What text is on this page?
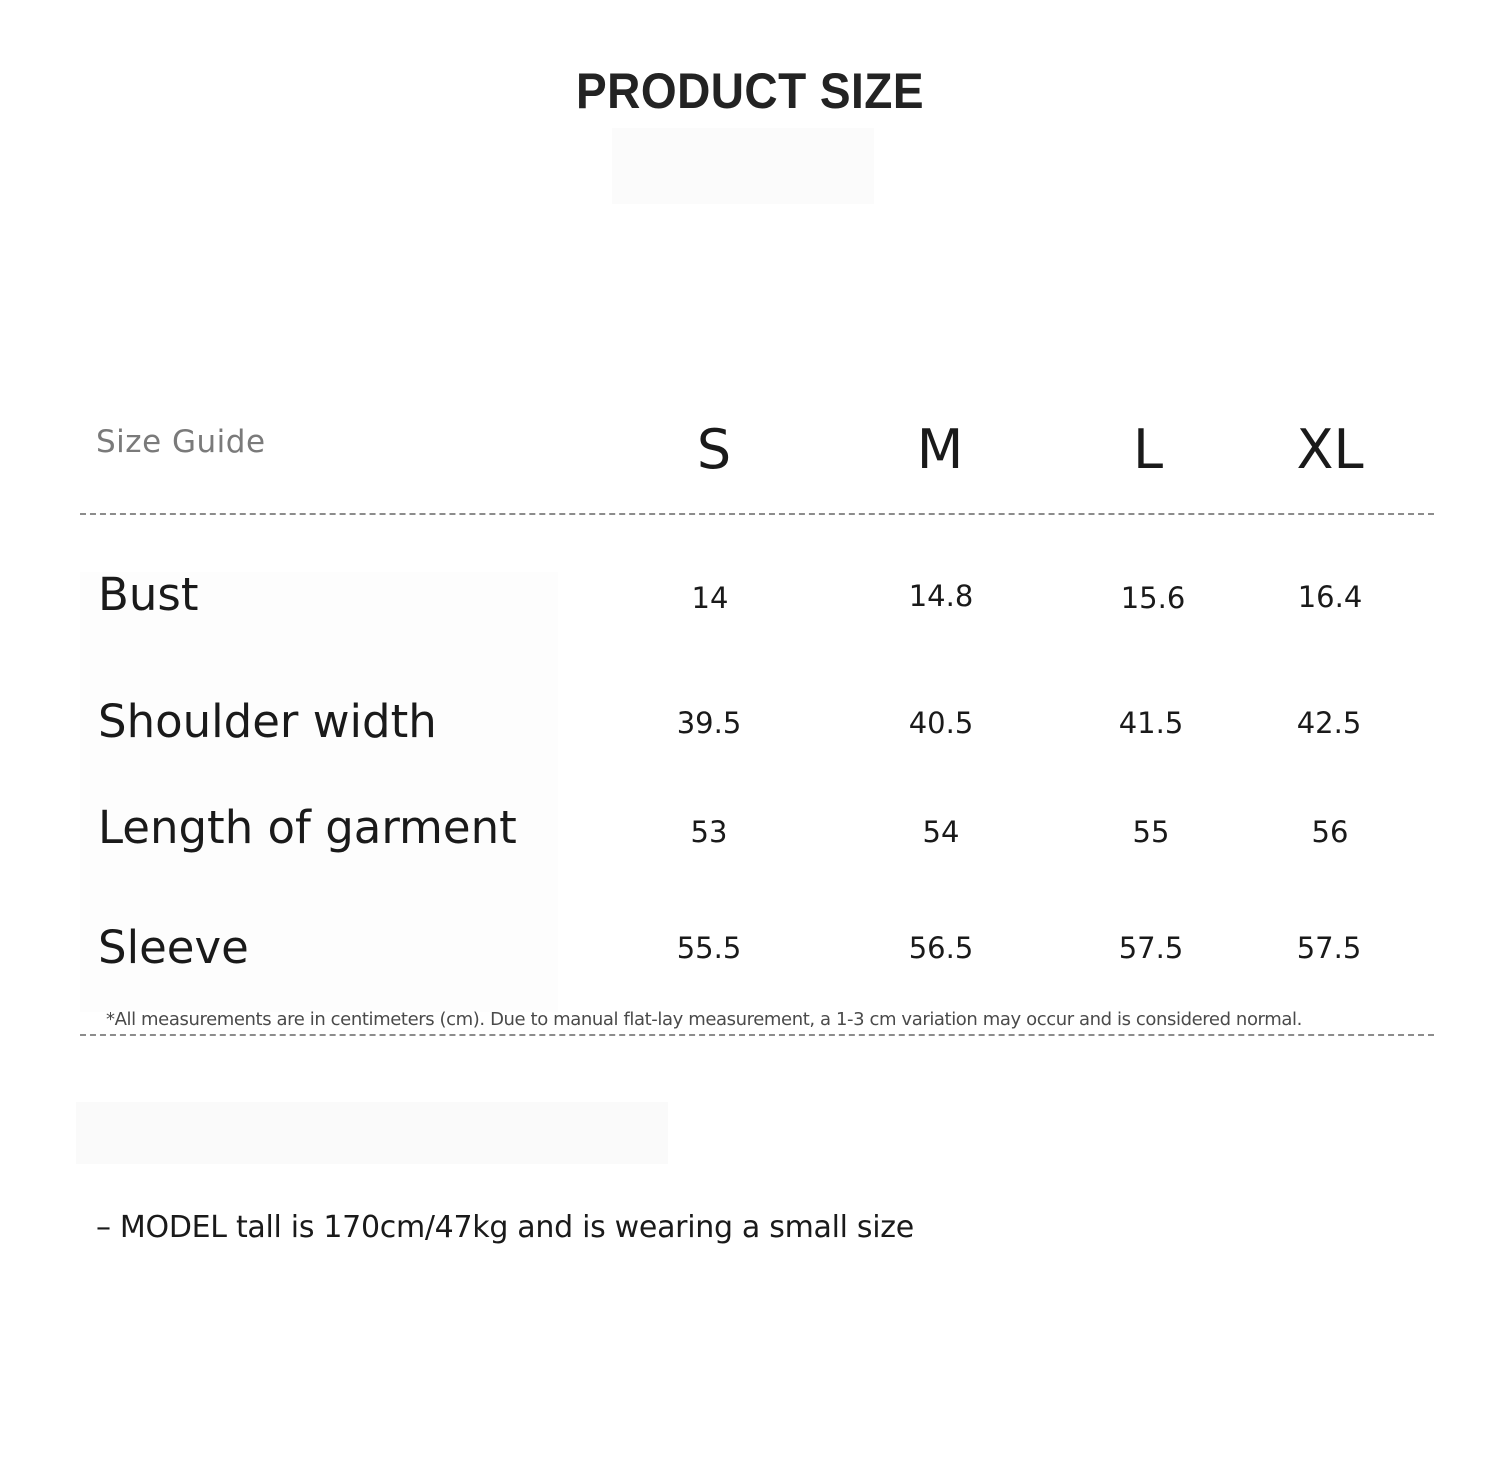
PRODUCT SIZE
Size Guide	S	M	L	XL
Bust	14	14.8	15.6	16.4
Shoulder width	39.5	40.5	41.5	42.5
Length of garment	53	54	55	56
Sleeve	55.5	56.5	57.5	57.5
*All measurements are in centimeters (cm). Due to manual flat-lay measurement, a 1-3 cm variation may occur and is considered normal.
– MODEL tall is 170cm/47kg and is wearing a small size
